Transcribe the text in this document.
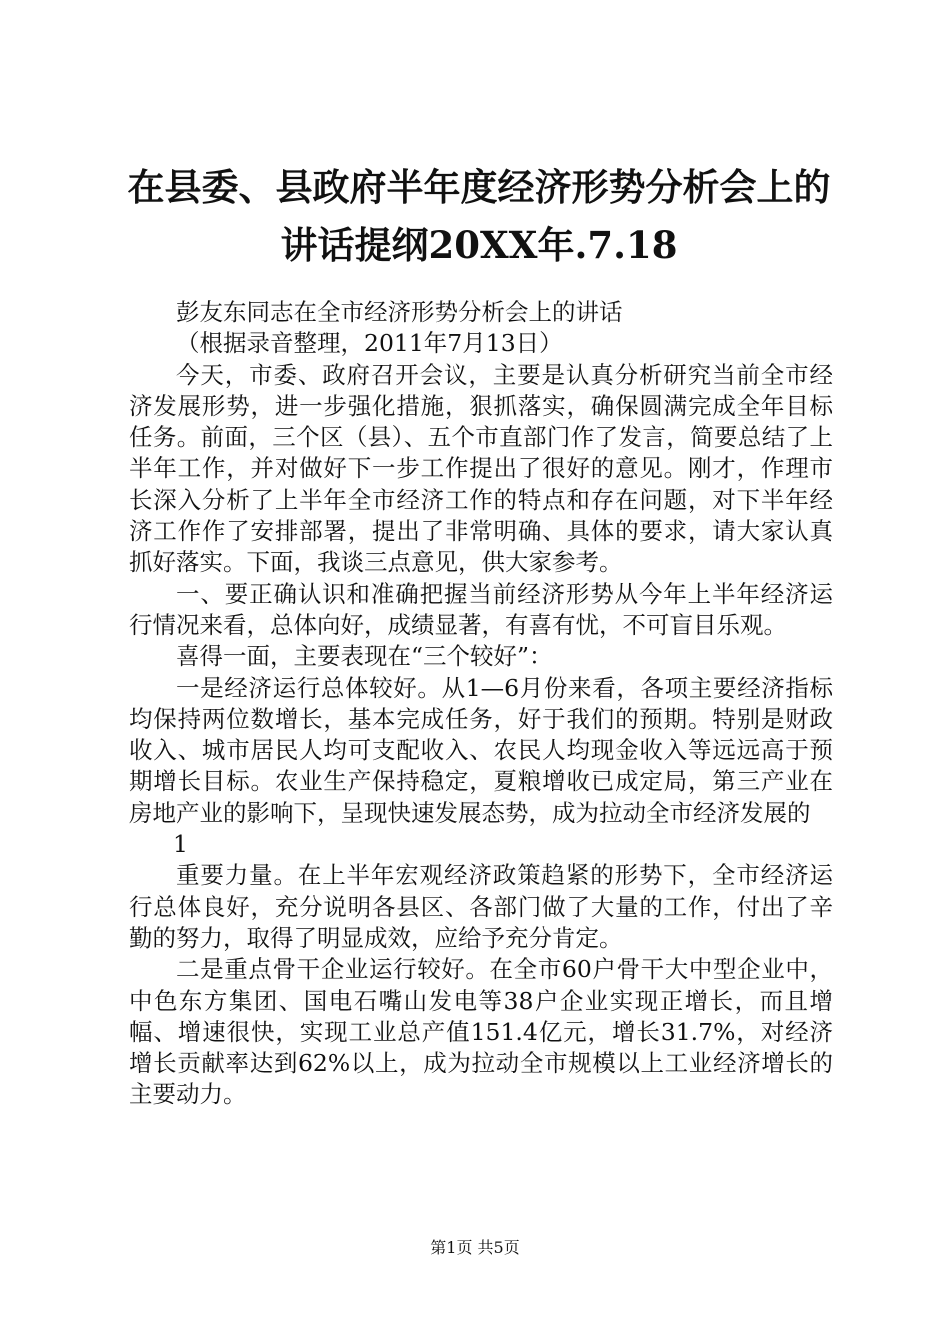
在县委、县政府半年度经济形势分析会上的讲话提纲20XX年.7.18

彭友东同志在全市经济形势分析会上的讲话

（根据录音整理，2011年7月13日）

今天，市委、政府召开会议，主要是认真分析研究当前全市经济发展形势，进一步强化措施，狠抓落实，确保圆满完成全年目标任务。前面，三个区（县）、五个市直部门作了发言，简要总结了上半年工作，并对做好下一步工作提出了很好的意见。刚才，作理市长深入分析了上半年全市经济工作的特点和存在问题，对下半年经济工作作了安排部署，提出了非常明确、具体的要求，请大家认真抓好落实。下面，我谈三点意见，供大家参考。

一、要正确认识和准确把握当前经济形势从今年上半年经济运行情况来看，总体向好，成绩显著，有喜有忧，不可盲目乐观。

喜得一面，主要表现在“三个较好”：

一是经济运行总体较好。从1—6月份来看，各项主要经济指标均保持两位数增长，基本完成任务，好于我们的预期。特别是财政收入、城市居民人均可支配收入、农民人均现金收入等远远高于预期增长目标。农业生产保持稳定，夏粮增收已成定局，第三产业在房地产业的影响下，呈现快速发展态势，成为拉动全市经济发展的

1

重要力量。在上半年宏观经济政策趋紧的形势下，全市经济运行总体良好，充分说明各县区、各部门做了大量的工作，付出了辛勤的努力，取得了明显成效，应给予充分肯定。

二是重点骨干企业运行较好。在全市60户骨干大中型企业中，中色东方集团、国电石嘴山发电等38户企业实现正增长，而且增幅、增速很快，实现工业总产值151.4亿元，增长31.7%，对经济增长贡献率达到62%以上，成为拉动全市规模以上工业经济增长的主要动力。

第1页 共5页
